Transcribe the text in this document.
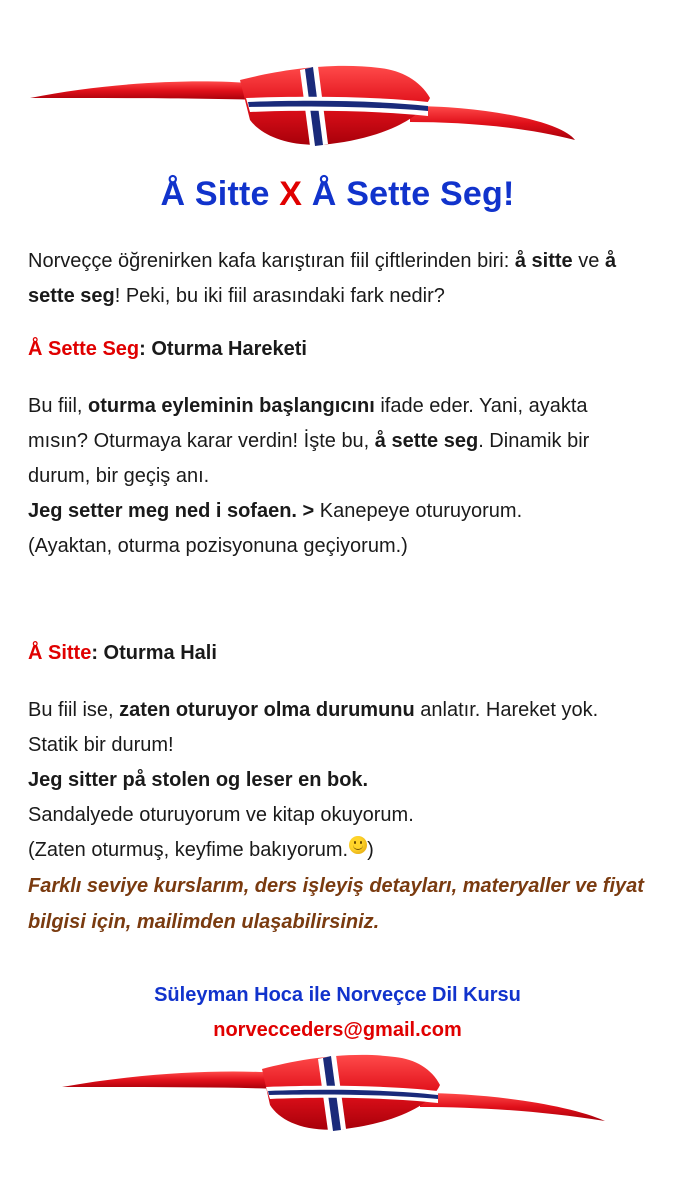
Å Sitte X Å Sette Seg!

Norveççe öğrenirken kafa karıştıran fiil çiftlerinden biri: å sitte ve å sette seg! Peki, bu iki fiil arasındaki fark nedir?

Å Sette Seg: Oturma Hareketi

Bu fiil, oturma eyleminin başlangıcını ifade eder. Yani, ayakta mısın? Oturmaya karar verdin! İşte bu, å sette seg. Dinamik bir durum, bir geçiş anı.

Jeg setter meg ned i sofaen. > Kanepeye oturuyorum.

(Ayaktan, oturma pozisyonuna geçiyorum.)

Å Sitte: Oturma Hali

Bu fiil ise, zaten oturuyor olma durumunu anlatır. Hareket yok. Statik bir durum!

Jeg sitter på stolen og leser en bok.

Sandalyede oturuyorum ve kitap okuyorum.

(Zaten oturmuş, keyfime bakıyorum. )

Farklı seviye kurslarım, ders işleyiş detayları, materyaller ve fiyat bilgisi için, mailimden ulaşabilirsiniz.

Süleyman Hoca ile Norveçce Dil Kursu
norvecceders@gmail.com
